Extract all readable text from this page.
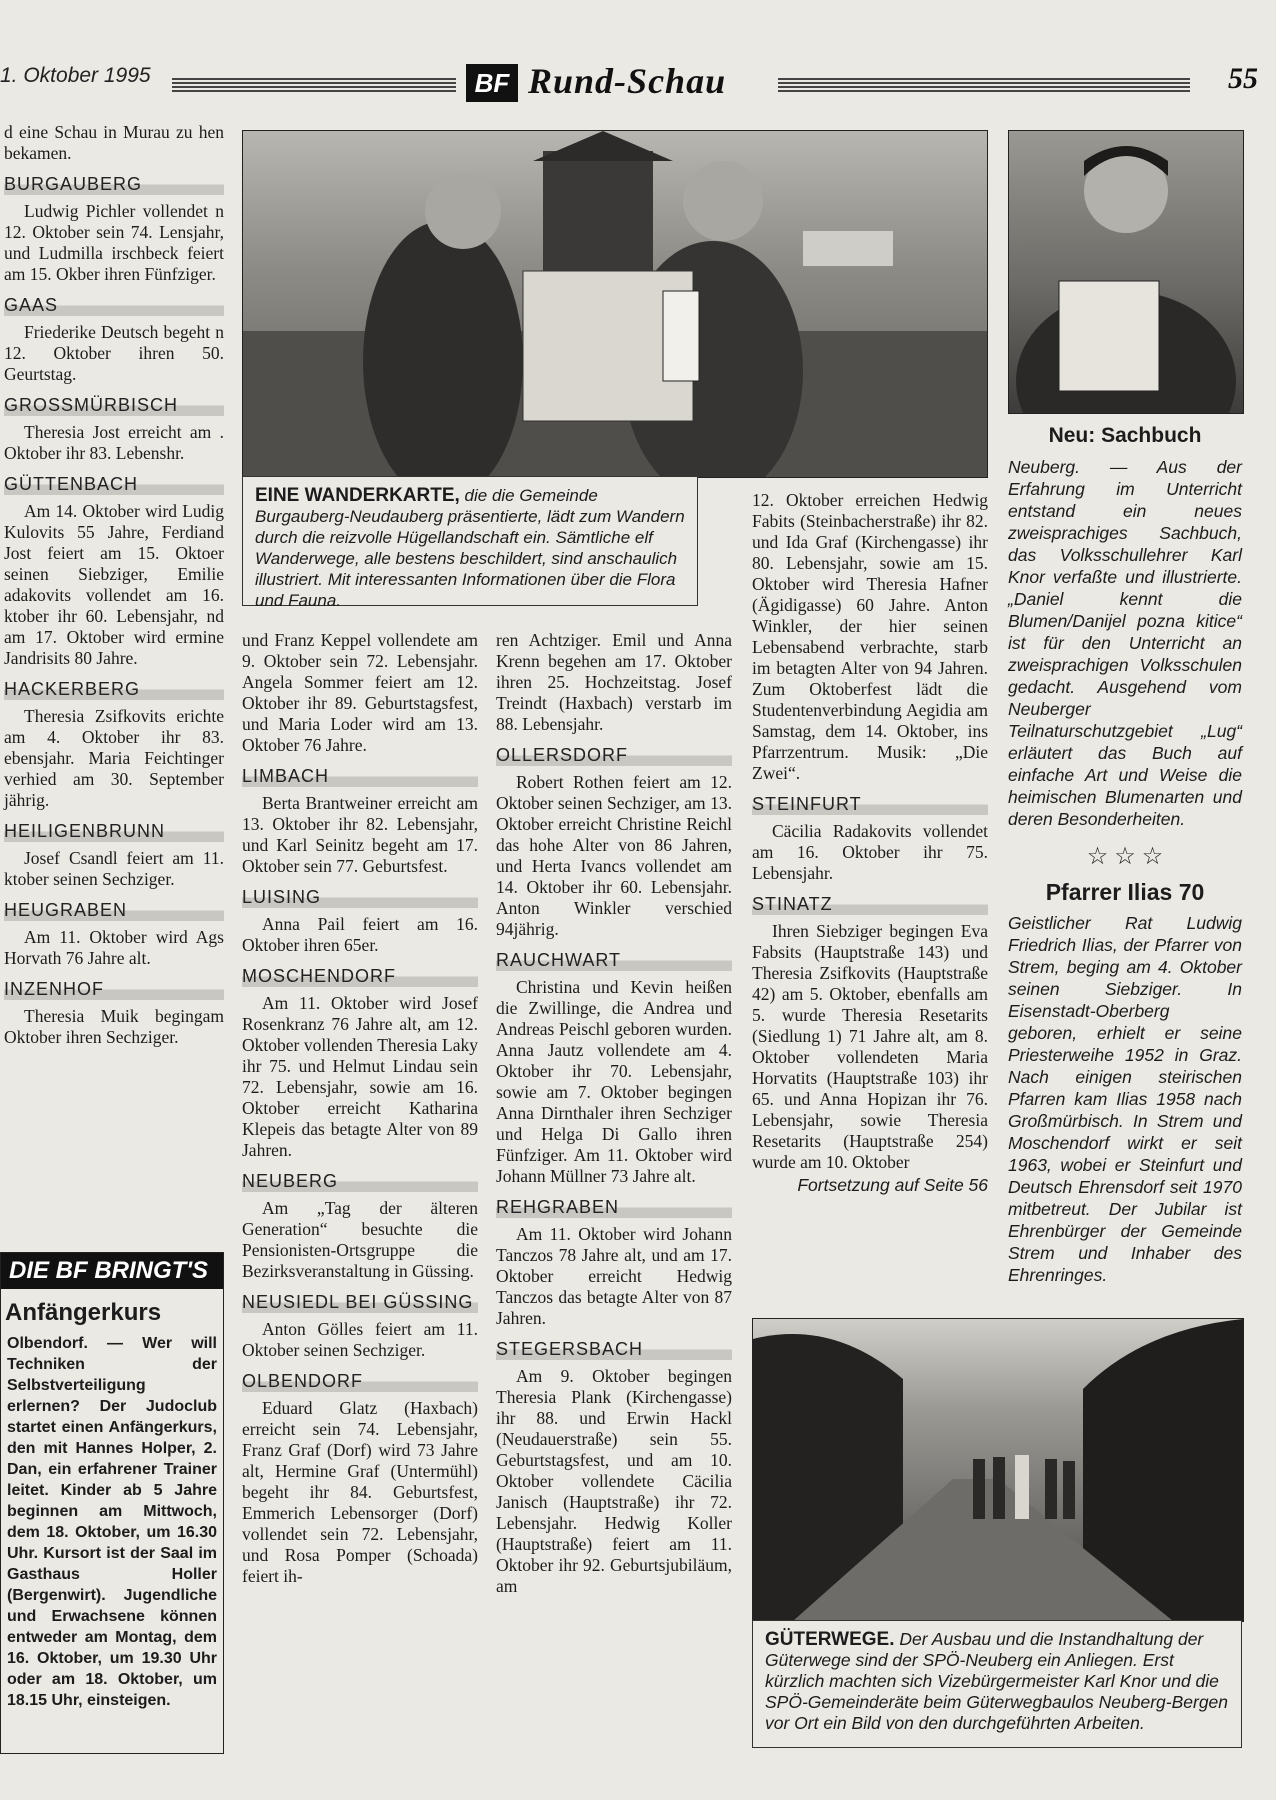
1. Oktober 1995	BF Rund-Schau	55

d eine Schau in Murau zu hen bekamen.

BURGAUBERG

Ludwig Pichler vollendet n 12. Oktober sein 74. Lensjahr, und Ludmilla irschbeck feiert am 15. Okber ihren Fünfziger.

GAAS

Friederike Deutsch begeht n 12. Oktober ihren 50. Geurtstag.

GROSSMÜRBISCH

Theresia Jost erreicht am . Oktober ihr 83. Lebenshr.

GÜTTENBACH

Am 14. Oktober wird Ludig Kulovits 55 Jahre, Ferdiand Jost feiert am 15. Oktoer seinen Siebziger, Emilie adakovits vollendet am 16. ktober ihr 60. Lebensjahr, nd am 17. Oktober wird ermine Jandrisits 80 Jahre.

HACKERBERG

Theresia Zsifkovits erichte am 4. Oktober ihr 83. ebensjahr. Maria Feichtinger verhied am 30. September jährig.

HEILIGENBRUNN

Josef Csandl feiert am 11. ktober seinen Sechziger.

HEUGRABEN

Am 11. Oktober wird Ags Horvath 76 Jahre alt.

INZENHOF

Theresia Muik begingam Oktober ihren Sechziger.

DIE BF BRINGT'S
Anfängerkurs
Olbendorf. — Wer will Techniken der Selbstverteiligung erlernen? Der Judoclub startet einen Anfängerkurs, den mit Hannes Holper, 2. Dan, ein erfahrener Trainer leitet. Kinder ab 5 Jahre beginnen am Mittwoch, dem 18. Oktober, um 16.30 Uhr. Kursort ist der Saal im Gasthaus Holler (Bergenwirt). Jugendliche und Erwachsene können entweder am Montag, dem 16. Oktober, um 19.30 Uhr oder am 18. Oktober, um 18.15 Uhr, einsteigen.
EINE WANDERKARTE, die die Gemeinde Burgauberg-Neudauberg präsentierte, lädt zum Wandern durch die reizvolle Hügellandschaft ein. Sämtliche elf Wanderwege, alle bestens beschildert, sind anschaulich illustriert. Mit interessanten Informationen über die Flora und Fauna.

und Franz Keppel vollendete am 9. Oktober sein 72. Lebensjahr. Angela Sommer feiert am 12. Oktober ihr 89. Geburtstagsfest, und Maria Loder wird am 13. Oktober 76 Jahre.

LIMBACH

Berta Brantweiner erreicht am 13. Oktober ihr 82. Lebensjahr, und Karl Seinitz begeht am 17. Oktober sein 77. Geburtsfest.

LUISING

Anna Pail feiert am 16. Oktober ihren 65er.

MOSCHENDORF

Am 11. Oktober wird Josef Rosenkranz 76 Jahre alt, am 12. Oktober vollenden Theresia Laky ihr 75. und Helmut Lindau sein 72. Lebensjahr, sowie am 16. Oktober erreicht Katharina Klepeis das betagte Alter von 89 Jahren.

NEUBERG

Am „Tag der älteren Generation“ besuchte die Pensionisten-Ortsgruppe die Bezirksveranstaltung in Güssing.

NEUSIEDL BEI GÜSSING

Anton Gölles feiert am 11. Oktober seinen Sechziger.

OLBENDORF

Eduard Glatz (Haxbach) erreicht sein 74. Lebensjahr, Franz Graf (Dorf) wird 73 Jahre alt, Hermine Graf (Untermühl) begeht ihr 84. Geburtsfest, Emmerich Lebensorger (Dorf) vollendet sein 72. Lebensjahr, und Rosa Pomper (Schoada) feiert ih-

ren Achtziger. Emil und Anna Krenn begehen am 17. Oktober ihren 25. Hochzeitstag. Josef Treindt (Haxbach) verstarb im 88. Lebensjahr.

OLLERSDORF

Robert Rothen feiert am 12. Oktober seinen Sechziger, am 13. Oktober erreicht Christine Reichl das hohe Alter von 86 Jahren, und Herta Ivancs vollendet am 14. Oktober ihr 60. Lebensjahr. Anton Winkler verschied 94jährig.

RAUCHWART

Christina und Kevin heißen die Zwillinge, die Andrea und Andreas Peischl geboren wurden. Anna Jautz vollendete am 4. Oktober ihr 70. Lebensjahr, sowie am 7. Oktober begingen Anna Dirnthaler ihren Sechziger und Helga Di Gallo ihren Fünfziger. Am 11. Oktober wird Johann Müllner 73 Jahre alt.

REHGRABEN

Am 11. Oktober wird Johann Tanczos 78 Jahre alt, und am 17. Oktober erreicht Hedwig Tanczos das betagte Alter von 87 Jahren.

STEGERSBACH

Am 9. Oktober begingen Theresia Plank (Kirchengasse) ihr 88. und Erwin Hackl (Neudauerstraße) sein 55. Geburtstagsfest, und am 10. Oktober vollendete Cäcilia Janisch (Hauptstraße) ihr 72. Lebensjahr. Hedwig Koller (Hauptstraße) feiert am 11. Oktober ihr 92. Geburtsjubiläum, am

12. Oktober erreichen Hedwig Fabits (Steinbacherstraße) ihr 82. und Ida Graf (Kirchengasse) ihr 80. Lebensjahr, sowie am 15. Oktober wird Theresia Hafner (Ägidigasse) 60 Jahre. Anton Winkler, der hier seinen Lebensabend verbrachte, starb im betagten Alter von 94 Jahren. Zum Oktoberfest lädt die Studentenverbindung Aegidia am Samstag, dem 14. Oktober, ins Pfarrzentrum. Musik: „Die Zwei“.

STEINFURT

Cäcilia Radakovits vollendet am 16. Oktober ihr 75. Lebensjahr.

STINATZ

Ihren Siebziger begingen Eva Fabsits (Hauptstraße 143) und Theresia Zsifkovits (Hauptstraße 42) am 5. Oktober, ebenfalls am 5. wurde Theresia Resetarits (Siedlung 1) 71 Jahre alt, am 8. Oktober vollendeten Maria Horvatits (Hauptstraße 103) ihr 65. und Anna Hopizan ihr 76. Lebensjahr, sowie Theresia Resetarits (Hauptstraße 254) wurde am 10. Oktober

Fortsetzung auf Seite 56

Neu: Sachbuch
Neuberg. — Aus der Erfahrung im Unterricht entstand ein neues zweisprachiges Sachbuch, das Volksschullehrer Karl Knor verfaßte und illustrierte. „Daniel kennt die Blumen/Danijel pozna kitice“ ist für den Unterricht an zweisprachigen Volksschulen gedacht. Ausgehend vom Neuberger Teilnaturschutzgebiet „Lug“ erläutert das Buch auf einfache Art und Weise die heimischen Blumenarten und deren Besonderheiten.
☆ ☆ ☆
Pfarrer Ilias 70
Geistlicher Rat Ludwig Friedrich Ilias, der Pfarrer von Strem, beging am 4. Oktober seinen Siebziger. In Eisenstadt-Oberberg geboren, erhielt er seine Priesterweihe 1952 in Graz. Nach einigen steirischen Pfarren kam Ilias 1958 nach Großmürbisch. In Strem und Moschendorf wirkt er seit 1963, wobei er Steinfurt und Deutsch Ehrensdorf seit 1970 mitbetreut. Der Jubilar ist Ehrenbürger der Gemeinde Strem und Inhaber des Ehrenringes.
GÜTERWEGE. Der Ausbau und die Instandhaltung der Güterwege sind der SPÖ-Neuberg ein Anliegen. Erst kürzlich machten sich Vizebürgermeister Karl Knor und die SPÖ-Gemeinderäte beim Güterwegbaulos Neuberg-Bergen vor Ort ein Bild von den durchgeführten Arbeiten.
